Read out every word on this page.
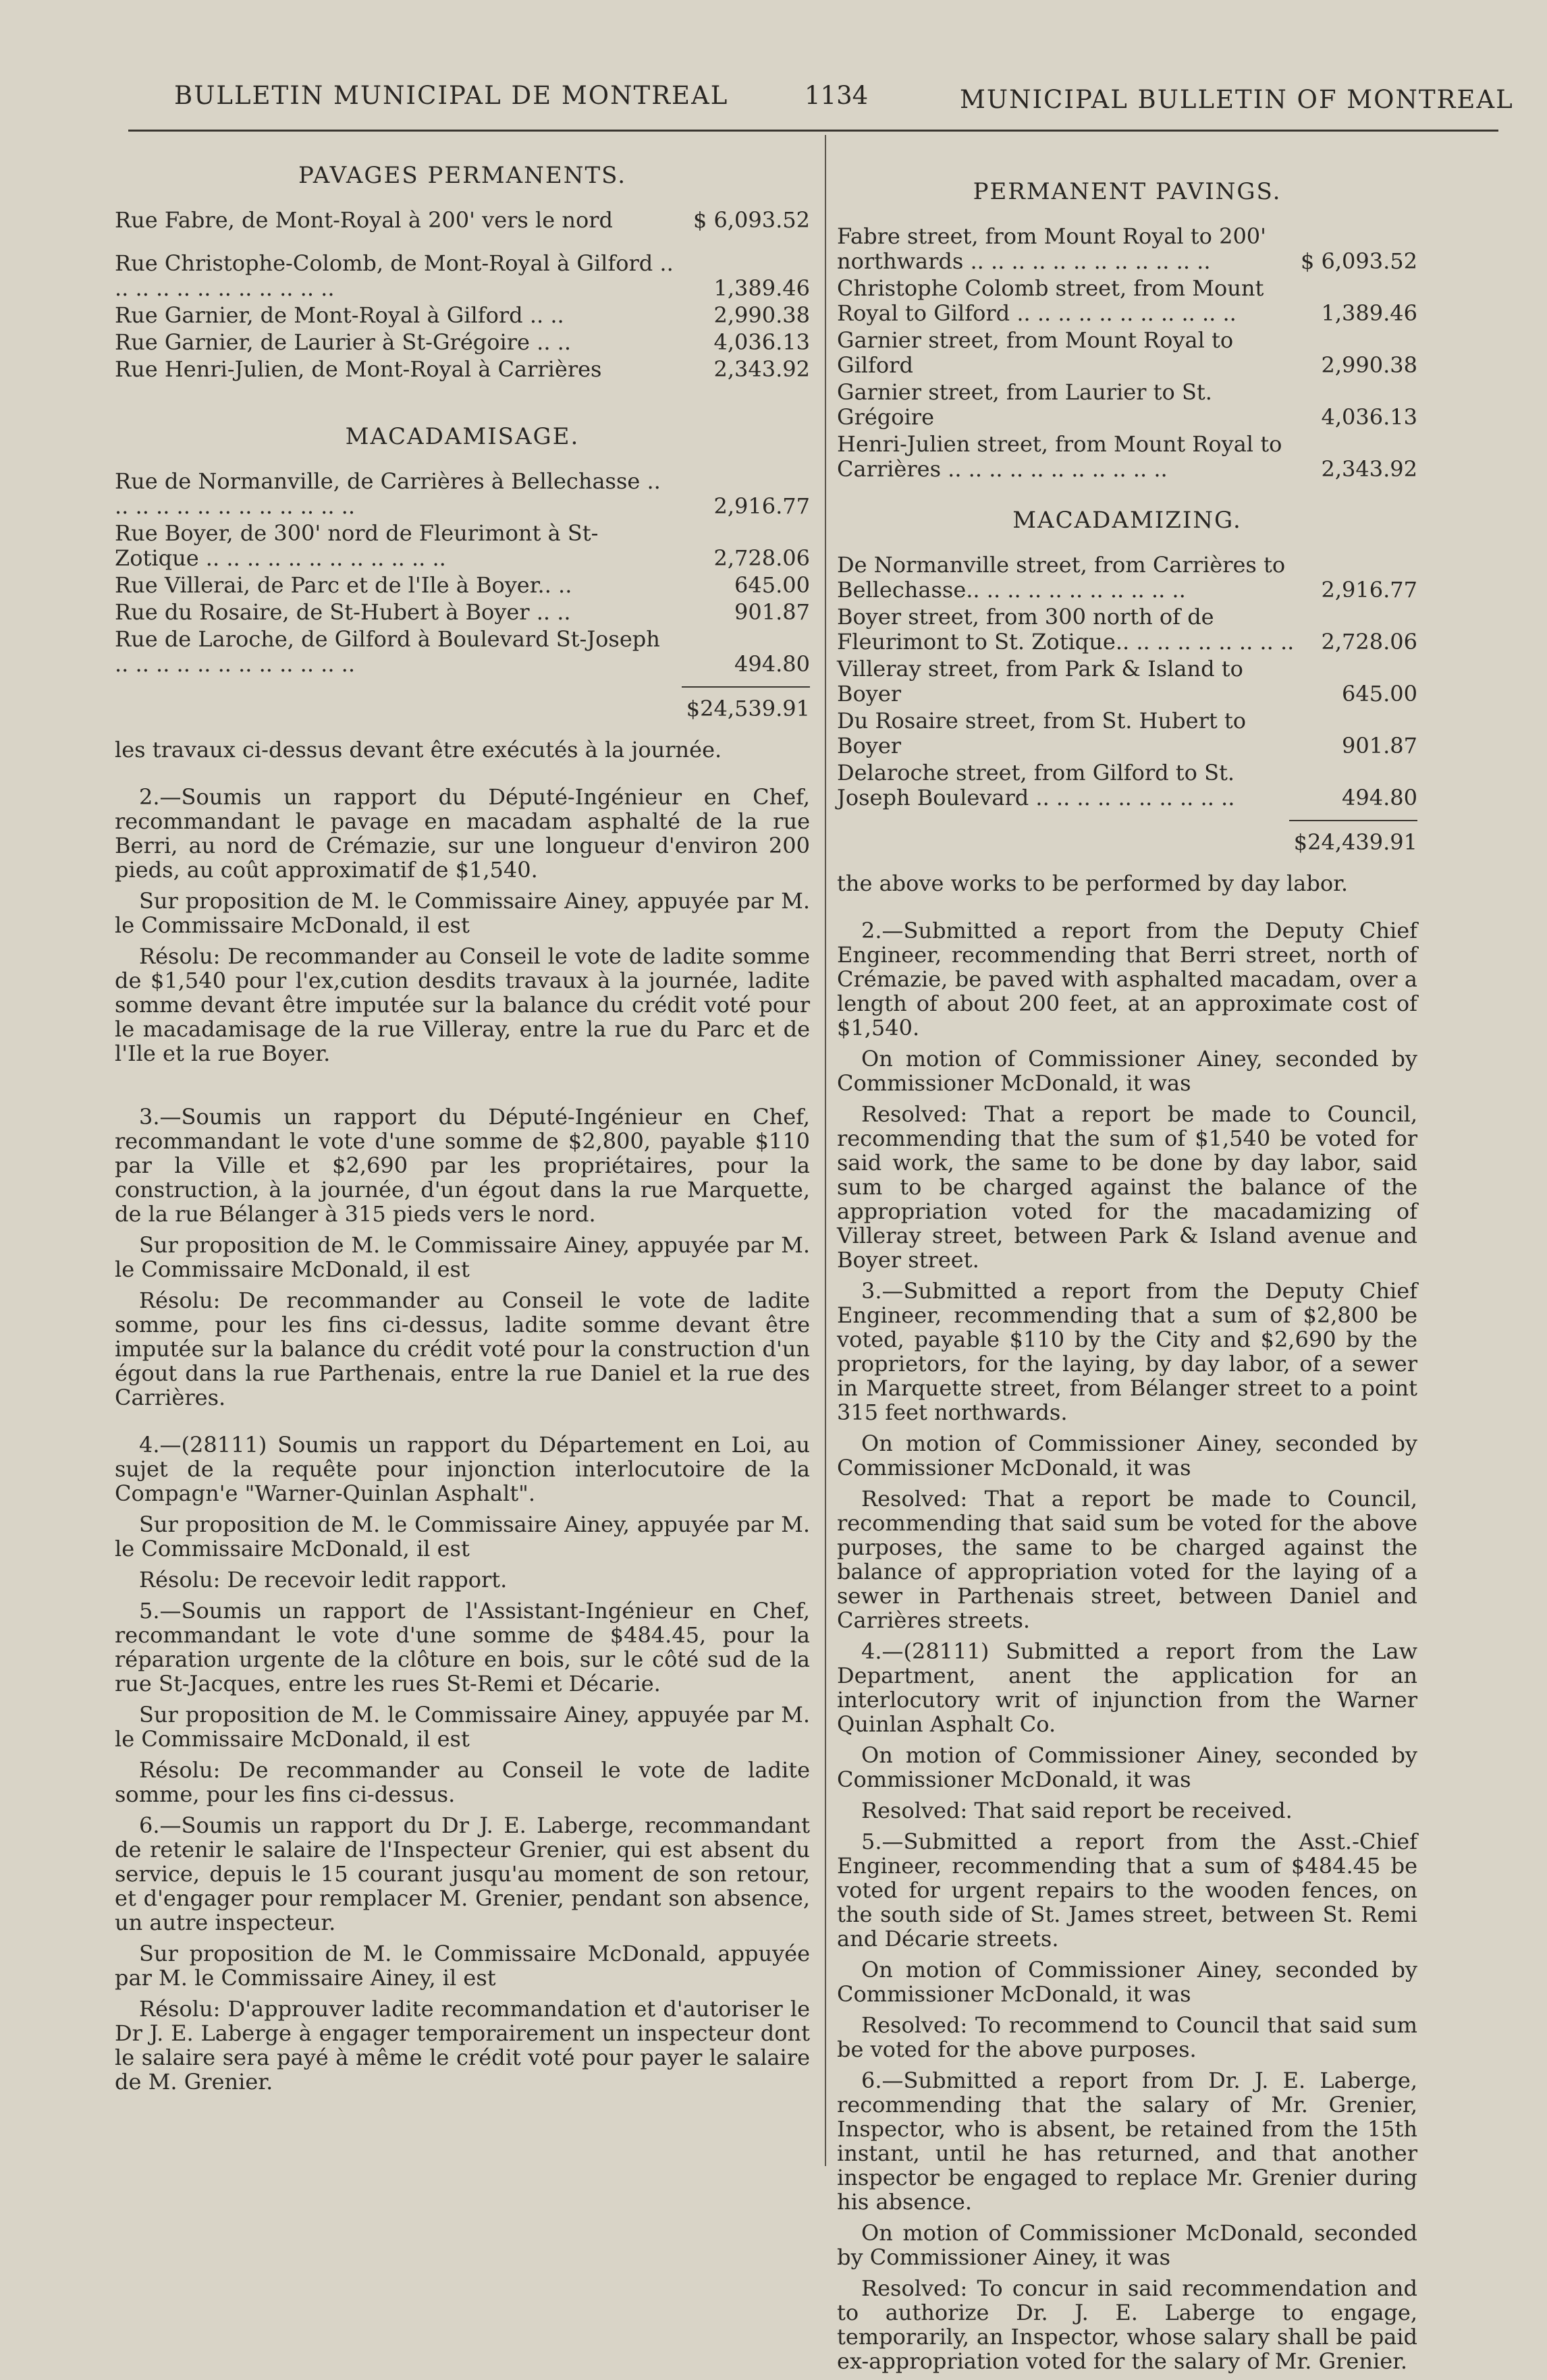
BULLETIN MUNICIPAL DE MONTREAL	1134	MUNICIPAL BULLETIN OF MONTREAL
PAVAGES PERMANENTS.
Rue Fabre, de Mont-Royal à 200' vers le nord	$ 6,093.52
Rue Christophe-Colomb, de Mont-Royal à Gilford .. .. .. .. .. .. .. .. .. .. .. ..	1,389.46
Rue Garnier, de Mont-Royal à Gilford .. ..	2,990.38
Rue Garnier, de Laurier à St-Grégoire .. ..	4,036.13
Rue Henri-Julien, de Mont-Royal à Carrières	2,343.92
MACADAMISAGE.
Rue de Normanville, de Carrières à Bellechasse .. .. .. .. .. .. .. .. .. .. .. .. ..	2,916.77
Rue Boyer, de 300' nord de Fleurimont à St-Zotique .. .. .. .. .. .. .. .. .. .. .. ..	2,728.06
Rue Villerai, de Parc et de l'Ile à Boyer.. ..	645.00
Rue du Rosaire, de St-Hubert à Boyer .. ..	901.87
Rue de Laroche, de Gilford à Boulevard St-Joseph .. .. .. .. .. .. .. .. .. .. .. ..	494.80
$24,539.91

les travaux ci-dessus devant être exécutés à la journée.

2.—Soumis un rapport du Député-Ingénieur en Chef, recommandant le pavage en macadam asphalté de la rue Berri, au nord de Crémazie, sur une longueur d'environ 200 pieds, au coût approximatif de $1,540.

Sur proposition de M. le Commissaire Ainey, appuyée par M. le Commissaire McDonald, il est

Résolu: De recommander au Conseil le vote de ladite somme de $1,540 pour l'ex,cution desdits travaux à la journée, ladite somme devant être imputée sur la balance du crédit voté pour le macadamisage de la rue Villeray, entre la rue du Parc et de l'Ile et la rue Boyer.

3.—Soumis un rapport du Député-Ingénieur en Chef, recommandant le vote d'une somme de $2,800, payable $110 par la Ville et $2,690 par les propriétaires, pour la construction, à la journée, d'un égout dans la rue Marquette, de la rue Bélanger à 315 pieds vers le nord.

Sur proposition de M. le Commissaire Ainey, appuyée par M. le Commissaire McDonald, il est

Résolu: De recommander au Conseil le vote de ladite somme, pour les fins ci-dessus, ladite somme devant être imputée sur la balance du crédit voté pour la construction d'un égout dans la rue Parthenais, entre la rue Daniel et la rue des Carrières.

4.—(28111) Soumis un rapport du Département en Loi, au sujet de la requête pour injonction interlocutoire de la Compagn'e "Warner-Quinlan Asphalt".

Sur proposition de M. le Commissaire Ainey, appuyée par M. le Commissaire McDonald, il est

Résolu: De recevoir ledit rapport.

5.—Soumis un rapport de l'Assistant-Ingénieur en Chef, recommandant le vote d'une somme de $484.45, pour la réparation urgente de la clôture en bois, sur le côté sud de la rue St-Jacques, entre les rues St-Remi et Décarie.

Sur proposition de M. le Commissaire Ainey, appuyée par M. le Commissaire McDonald, il est

Résolu: De recommander au Conseil le vote de ladite somme, pour les fins ci-dessus.

6.—Soumis un rapport du Dr J. E. Laberge, recommandant de retenir le salaire de l'Inspecteur Grenier, qui est absent du service, depuis le 15 courant jusqu'au moment de son retour, et d'engager pour remplacer M. Grenier, pendant son absence, un autre inspecteur.

Sur proposition de M. le Commissaire McDonald, appuyée par M. le Commissaire Ainey, il est

Résolu: D'approuver ladite recommandation et d'autoriser le Dr J. E. Laberge à engager temporairement un inspecteur dont le salaire sera payé à même le crédit voté pour payer le salaire de M. Grenier.

PERMANENT PAVINGS.
Fabre street, from Mount Royal to 200' northwards .. .. .. .. .. .. .. .. .. .. .. ..	$ 6,093.52
Christophe Colomb street, from Mount Royal to Gilford .. .. .. .. .. .. .. .. .. .. ..	1,389.46
Garnier street, from Mount Royal to Gilford	2,990.38
Garnier street, from Laurier to St. Grégoire	4,036.13
Henri-Julien street, from Mount Royal to Carrières .. .. .. .. .. .. .. .. .. .. ..	2,343.92
MACADAMIZING.
De Normanville street, from Carrières to Bellechasse.. .. .. .. .. .. .. .. .. .. ..	2,916.77
Boyer street, from 300 north of de Fleurimont to St. Zotique.. .. .. .. .. .. .. .. ..	2,728.06
Villeray street, from Park & Island to Boyer	645.00
Du Rosaire street, from St. Hubert to Boyer	901.87
Delaroche street, from Gilford to St. Joseph Boulevard .. .. .. .. .. .. .. .. .. ..	494.80
$24,439.91

the above works to be performed by day labor.

2.—Submitted a report from the Deputy Chief Engineer, recommending that Berri street, north of Crémazie, be paved with asphalted macadam, over a length of about 200 feet, at an approximate cost of $1,540.

On motion of Commissioner Ainey, seconded by Commissioner McDonald, it was

Resolved: That a report be made to Council, recommending that the sum of $1,540 be voted for said work, the same to be done by day labor, said sum to be charged against the balance of the appropriation voted for the macadamizing of Villeray street, between Park & Island avenue and Boyer street.

3.—Submitted a report from the Deputy Chief Engineer, recommending that a sum of $2,800 be voted, payable $110 by the City and $2,690 by the proprietors, for the laying, by day labor, of a sewer in Marquette street, from Bélanger street to a point 315 feet northwards.

On motion of Commissioner Ainey, seconded by Commissioner McDonald, it was

Resolved: That a report be made to Council, recommending that said sum be voted for the above purposes, the same to be charged against the balance of appropriation voted for the laying of a sewer in Parthenais street, between Daniel and Carrières streets.

4.—(28111) Submitted a report from the Law Department, anent the application for an interlocutory writ of injunction from the Warner Quinlan Asphalt Co.

On motion of Commissioner Ainey, seconded by Commissioner McDonald, it was

Resolved: That said report be received.

5.—Submitted a report from the Asst.-Chief Engineer, recommending that a sum of $484.45 be voted for urgent repairs to the wooden fences, on the south side of St. James street, between St. Remi and Décarie streets.

On motion of Commissioner Ainey, seconded by Commissioner McDonald, it was

Resolved: To recommend to Council that said sum be voted for the above purposes.

6.—Submitted a report from Dr. J. E. Laberge, recommending that the salary of Mr. Grenier, Inspector, who is absent, be retained from the 15th instant, until he has returned, and that another inspector be engaged to replace Mr. Grenier during his absence.

On motion of Commissioner McDonald, seconded by Commissioner Ainey, it was

Resolved: To concur in said recommendation and to authorize Dr. J. E. Laberge to engage, temporarily, an Inspector, whose salary shall be paid ex-appropriation voted for the salary of Mr. Grenier.
